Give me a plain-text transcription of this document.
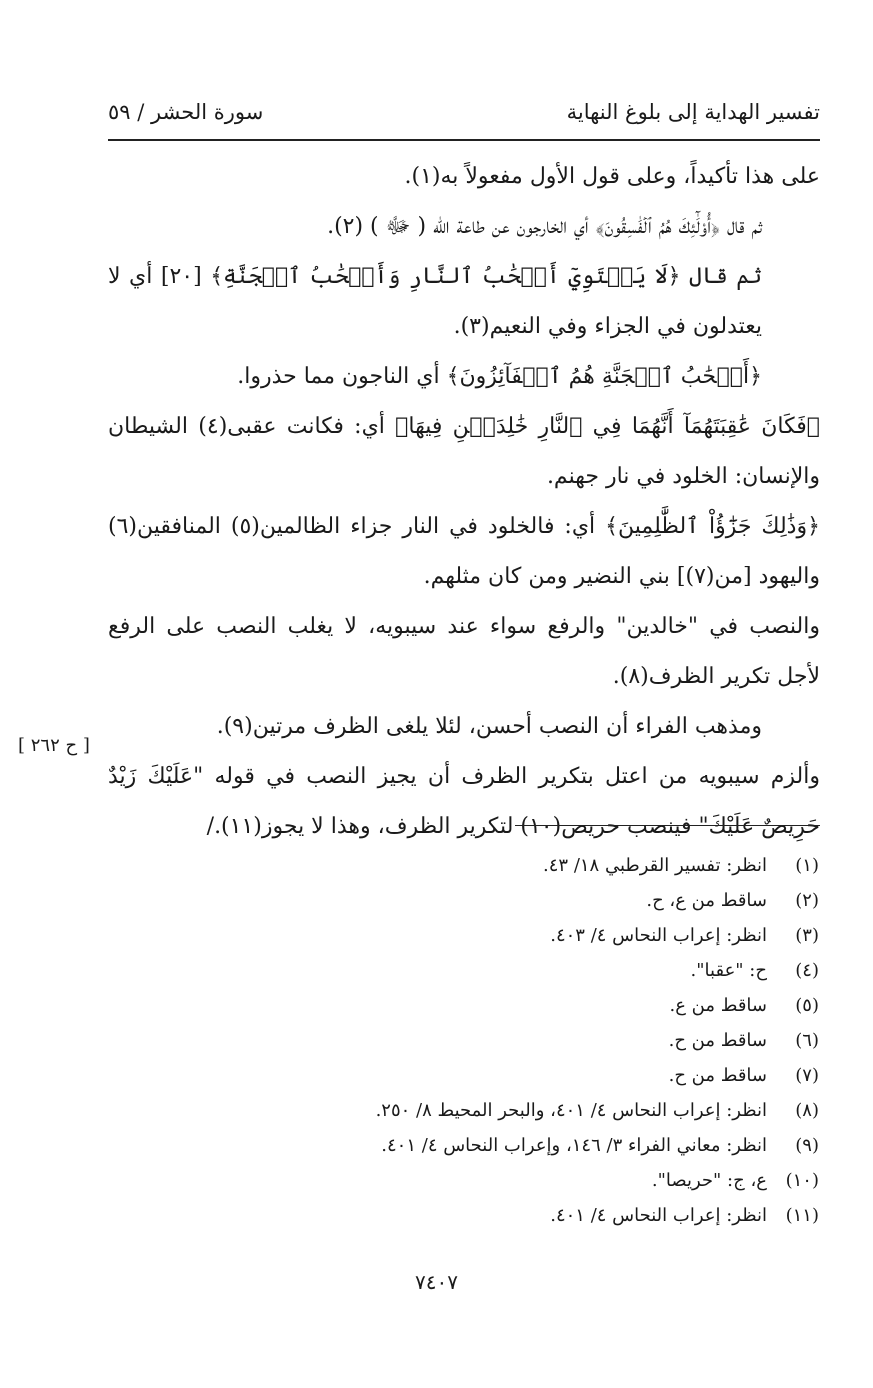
تفسير الهداية إلى بلوغ النهاية
سورة الحشر / ٥٩

على هذا تأكيداً، وعلى قول الأول مفعولاً به(١).

ثم قال ﴿أُوْلَٰٓئِكَ هُمُ ٱلۡفَٰسِقُونَ﴾ أي الخارجون عن طاعة الله ( ﷻ ) (٢).

ثم قال ﴿لَا يَسۡتَوِيٓ أَصۡحَٰبُ ٱلنَّارِ وَأَصۡحَٰبُ ٱلۡجَنَّةِ﴾ [٢٠] أي لا يعتدلون في الجزاء وفي النعيم(٣).

﴿أَصۡحَٰبُ ٱلۡجَنَّةِ هُمُ ٱلۡفَآئِزُونَ﴾ أي الناجون مما حذروا.

﴿فَكَانَ عَٰقِبَتَهُمَآ أَنَّهُمَا فِي ٱلنَّارِ خَٰلِدَيۡنِ فِيهَا﴾ أي: فكانت عقبى(٤) الشيطان والإنسان: الخلود في نار جهنم.

﴿وَذَٰلِكَ جَزَٰٓؤُاْ ٱلظَّٰلِمِينَ﴾ أي: فالخلود في النار جزاء الظالمين(٥) المنافقين(٦) واليهود [من(٧)] بني النضير ومن كان مثلهم.

والنصب في "خالدين" والرفع سواء عند سيبويه، لا يغلب النصب على الرفع لأجل تكرير الظرف(٨).

ومذهب الفراء أن النصب أحسن، لئلا يلغى الظرف مرتين(٩).

وألزم سيبويه من اعتل بتكرير الظرف أن يجيز النصب في قوله "عَلَيْكَ زَيْدٌ حَرِيصٌ عَلَيْكَ" فينصب حريص(١٠) لتكرير الظرف، وهذا لا يجوز(١١)./

[ ح ٢٦٢ ]
(١)
انظر: تفسير القرطبي ١٨/ ٤٣.
(٢)
ساقط من ع، ح.
(٣)
انظر: إعراب النحاس ٤/ ٤٠٣.
(٤)
ح: "عقبا".
(٥)
ساقط من ع.
(٦)
ساقط من ح.
(٧)
ساقط من ح.
(٨)
انظر: إعراب النحاس ٤/ ٤٠١، والبحر المحيط ٨/ ٢٥٠.
(٩)
انظر: معاني الفراء ٣/ ١٤٦، وإعراب النحاس ٤/ ٤٠١.
(١٠)
ع، ج: "حريصا".
(١١)
انظر: إعراب النحاس ٤/ ٤٠١.
٧٤٠٧
